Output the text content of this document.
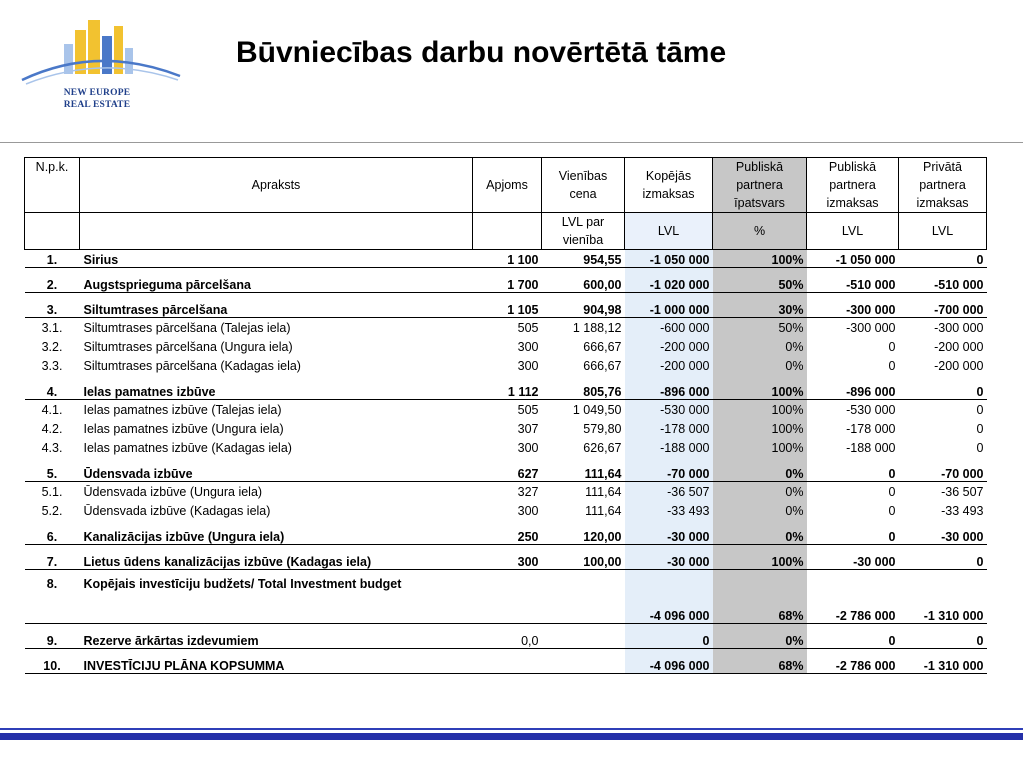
NEW EUROPE
REAL ESTATE
Būvniecības darbu novērtētā tāme
N.p.k.	Apraksts	Apjoms	Vienības cena	Kopējās izmaksas	Publiskā partnera īpatsvars	Publiskā partnera izmaksas	Privātā partnera izmaksas
			LVL par vienība	LVL	%	LVL	LVL
1.	Sirius	1 100	954,55	-1 050 000	100%	-1 050 000	0

2.	Augstsprieguma pārcelšana	1 700	600,00	-1 020 000	50%	-510 000	-510 000

3.	Siltumtrases pārcelšana	1 105	904,98	-1 000 000	30%	-300 000	-700 000
3.1.	Siltumtrases pārcelšana (Talejas iela)	505	1 188,12	-600 000	50%	-300 000	-300 000
3.2.	Siltumtrases pārcelšana (Ungura iela)	300	666,67	-200 000	0%	0	-200 000
3.3.	Siltumtrases pārcelšana (Kadagas iela)	300	666,67	-200 000	0%	0	-200 000

4.	Ielas pamatnes izbūve	1 112	805,76	-896 000	100%	-896 000	0
4.1.	Ielas pamatnes izbūve (Talejas iela)	505	1 049,50	-530 000	100%	-530 000	0
4.2.	Ielas pamatnes izbūve (Ungura iela)	307	579,80	-178 000	100%	-178 000	0
4.3.	Ielas pamatnes izbūve (Kadagas iela)	300	626,67	-188 000	100%	-188 000	0

5.	Ūdensvada izbūve	627	111,64	-70 000	0%	0	-70 000
5.1.	Ūdensvada izbūve (Ungura iela)	327	111,64	-36 507	0%	0	-36 507
5.2.	Ūdensvada izbūve (Kadagas iela)	300	111,64	-33 493	0%	0	-33 493

6.	Kanalizācijas izbūve (Ungura iela)	250	120,00	-30 000	0%	0	-30 000

7.	Lietus ūdens kanalizācijas izbūve (Kadagas iela)	300	100,00	-30 000	100%	-30 000	0

8.	Kopējais investīciju budžets/ Total Investment budget			-4 096 000	68%	-2 786 000	-1 310 000

9.	Rezerve ārkārtas izdevumiem	0,0		0	0%	0	0

10.	INVESTĪCIJU PLĀNA KOPSUMMA			-4 096 000	68%	-2 786 000	-1 310 000
